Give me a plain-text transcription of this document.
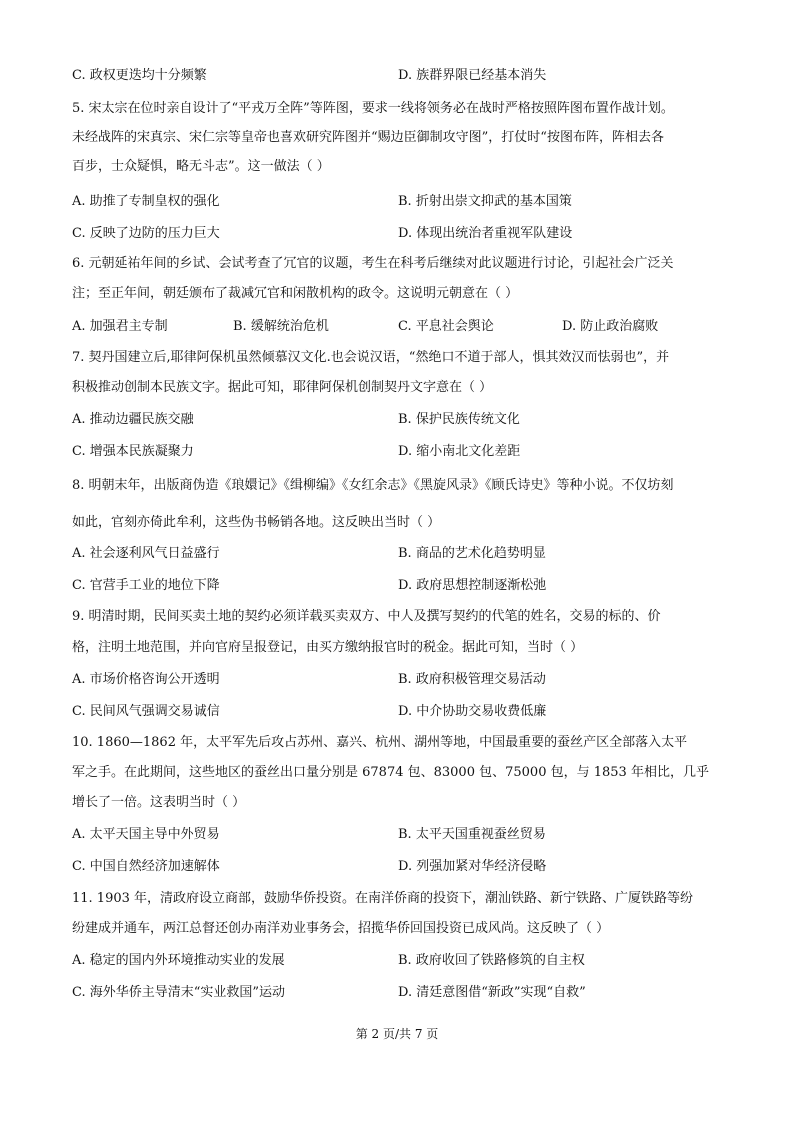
C. 政权更迭均十分频繁	D. 族群界限已经基本消失
5. 宋太宗在位时亲自设计了“平戎万全阵”等阵图，要求一线将领务必在战时严格按照阵图布置作战计划。
未经战阵的宋真宗、宋仁宗等皇帝也喜欢研究阵图并“赐边臣御制攻守图”，打仗时“按图布阵，阵相去各
百步，士众疑惧，略无斗志”。这一做法（ ）
A. 助推了专制皇权的强化	B. 折射出崇文抑武的基本国策
C. 反映了边防的压力巨大	D. 体现出统治者重视军队建设
6. 元朝延祐年间的乡试、会试考查了冗官的议题，考生在科考后继续对此议题进行讨论，引起社会广泛关
注；至正年间，朝廷颁布了裁减冗官和闲散机构的政令。这说明元朝意在（ ）
A. 加强君主专制	B. 缓解统治危机	C. 平息社会舆论	D. 防止政治腐败
7. 契丹国建立后,耶律阿保机虽然倾慕汉文化.也会说汉语，“然绝口不道于部人，惧其效汉而怯弱也”，并
积极推动创制本民族文字。据此可知，耶律阿保机创制契丹文字意在（ ）
A. 推动边疆民族交融	B. 保护民族传统文化
C. 增强本民族凝聚力	D. 缩小南北文化差距
8. 明朝末年，出版商伪造《琅嬛记》《缉柳编》《女红余志》《黑旋风录》《顾氏诗史》等种小说。不仅坊刻
如此，官刻亦倚此牟利，这些伪书畅销各地。这反映出当时（ ）
A. 社会逐利风气日益盛行	B. 商品的艺术化趋势明显
C. 官营手工业的地位下降	D. 政府思想控制逐渐松弛
9. 明清时期，民间买卖土地的契约必须详载买卖双方、中人及撰写契约的代笔的姓名，交易的标的、价
格，注明土地范围，并向官府呈报登记，由买方缴纳报官时的税金。据此可知，当时（ ）
A. 市场价格咨询公开透明	B. 政府积极管理交易活动
C. 民间风气强调交易诚信	D. 中介协助交易收费低廉
10. 1860—1862 年，太平军先后攻占苏州、嘉兴、杭州、湖州等地，中国最重要的蚕丝产区全部落入太平
军之手。在此期间，这些地区的蚕丝出口量分别是 67874 包、83000 包、75000 包，与 1853 年相比，几乎
增长了一倍。这表明当时（ ）
A. 太平天国主导中外贸易	B. 太平天国重视蚕丝贸易
C. 中国自然经济加速解体	D. 列强加紧对华经济侵略
11. 1903 年，清政府设立商部，鼓励华侨投资。在南洋侨商的投资下，潮汕铁路、新宁铁路、广厦铁路等纷
纷建成并通车，两江总督还创办南洋劝业事务会，招揽华侨回国投资已成风尚。这反映了（ ）
A. 稳定的国内外环境推动实业的发展	B. 政府收回了铁路修筑的自主权
C. 海外华侨主导清末“实业救国”运动	D. 清廷意图借“新政”实现“自救”
第 2 页/共 7 页
